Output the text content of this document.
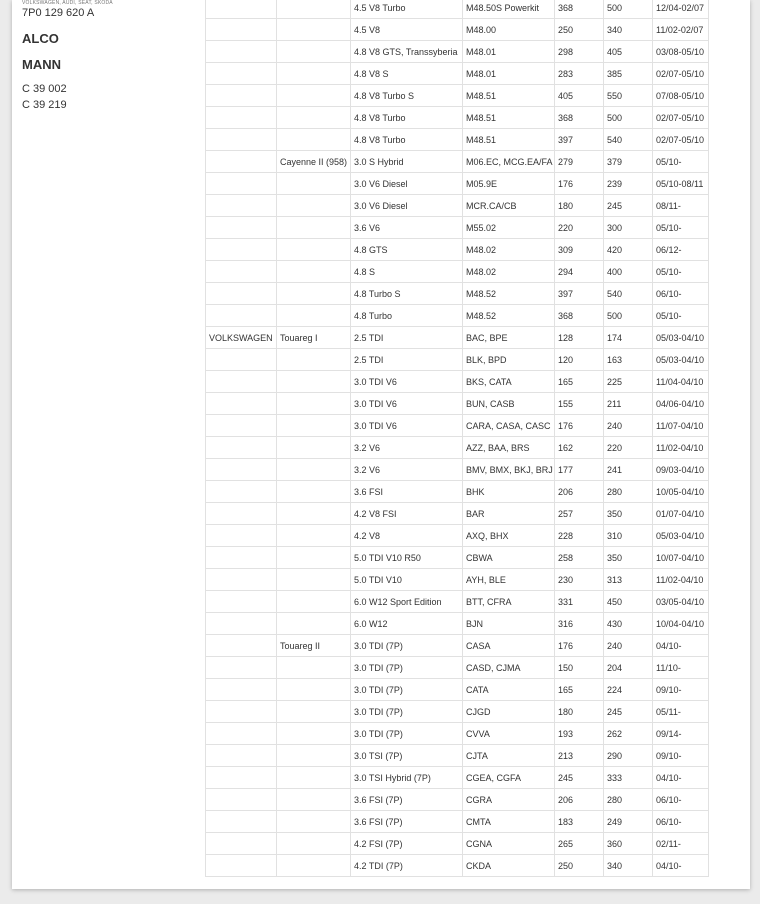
VOLKSWAGEN, AUDI, SEAT, SKODA
7P0 129 620 A
ALCO
MANN
C 39 002
C 39 219
		4.5 V8 Turbo	M48.50S Powerkit	368	500	12/04-02/07
		4.5 V8	M48.00	250	340	11/02-02/07
		4.8 V8 GTS, Transsyberia	M48.01	298	405	03/08-05/10
		4.8 V8 S	M48.01	283	385	02/07-05/10
		4.8 V8 Turbo S	M48.51	405	550	07/08-05/10
		4.8 V8 Turbo	M48.51	368	500	02/07-05/10
		4.8 V8 Turbo	M48.51	397	540	02/07-05/10
	Cayenne II (958)	3.0 S Hybrid	M06.EC, MCG.EA/FA	279	379	05/10-
		3.0 V6 Diesel	M05.9E	176	239	05/10-08/11
		3.0 V6 Diesel	MCR.CA/CB	180	245	08/11-
		3.6 V6	M55.02	220	300	05/10-
		4.8 GTS	M48.02	309	420	06/12-
		4.8 S	M48.02	294	400	05/10-
		4.8 Turbo S	M48.52	397	540	06/10-
		4.8 Turbo	M48.52	368	500	05/10-
VOLKSWAGEN	Touareg I	2.5 TDI	BAC, BPE	128	174	05/03-04/10
		2.5 TDI	BLK, BPD	120	163	05/03-04/10
		3.0 TDI V6	BKS, CATA	165	225	11/04-04/10
		3.0 TDI V6	BUN, CASB	155	211	04/06-04/10
		3.0 TDI V6	CARA, CASA, CASC	176	240	11/07-04/10
		3.2 V6	AZZ, BAA, BRS	162	220	11/02-04/10
		3.2 V6	BMV, BMX, BKJ, BRJ	177	241	09/03-04/10
		3.6 FSI	BHK	206	280	10/05-04/10
		4.2 V8 FSI	BAR	257	350	01/07-04/10
		4.2 V8	AXQ, BHX	228	310	05/03-04/10
		5.0 TDI V10 R50	CBWA	258	350	10/07-04/10
		5.0 TDI V10	AYH, BLE	230	313	11/02-04/10
		6.0 W12 Sport Edition	BTT, CFRA	331	450	03/05-04/10
		6.0 W12	BJN	316	430	10/04-04/10
	Touareg II	3.0 TDI (7P)	CASA	176	240	04/10-
		3.0 TDI (7P)	CASD, CJMA	150	204	11/10-
		3.0 TDI (7P)	CATA	165	224	09/10-
		3.0 TDI (7P)	CJGD	180	245	05/11-
		3.0 TDI (7P)	CVVA	193	262	09/14-
		3.0 TSI (7P)	CJTA	213	290	09/10-
		3.0 TSI Hybrid (7P)	CGEA, CGFA	245	333	04/10-
		3.6 FSI (7P)	CGRA	206	280	06/10-
		3.6 FSI (7P)	CMTA	183	249	06/10-
		4.2 FSI (7P)	CGNA	265	360	02/11-
		4.2 TDI (7P)	CKDA	250	340	04/10-
